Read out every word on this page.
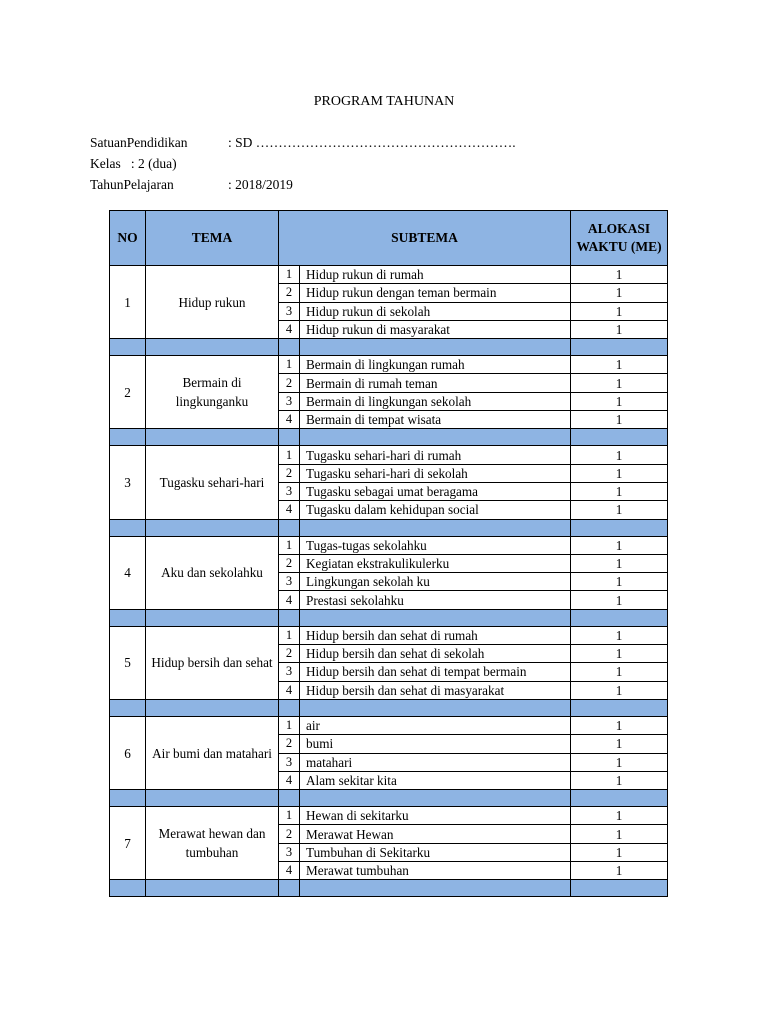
PROGRAM TAHUNAN
SatuanPendidikan	: SD ………………………………………………….
Kelas   : 2 (dua)
TahunPelajaran	: 2018/2019
NO	TEMA	SUBTEMA		ALOKASI WAKTU (ME)
1	Hidup rukun	1	Hidup rukun di rumah	1
		2	Hidup rukun dengan teman bermain	1
		3	Hidup rukun di sekolah	1
		4	Hidup rukun di masyarakat	1

2	Bermain di lingkunganku	1	Bermain di lingkungan rumah	1
		2	Bermain di rumah teman	1
		3	Bermain di lingkungan sekolah	1
		4	Bermain di tempat wisata	1

3	Tugasku sehari-hari	1	Tugasku sehari-hari di rumah	1
		2	Tugasku sehari-hari di sekolah	1
		3	Tugasku sebagai umat beragama	1
		4	Tugasku dalam kehidupan social	1

4	Aku dan sekolahku	1	Tugas-tugas sekolahku	1
		2	Kegiatan ekstrakulikulerku	1
		3	Lingkungan sekolah ku	1
		4	Prestasi sekolahku	1

5	Hidup bersih dan sehat	1	Hidup bersih dan sehat di rumah	1
		2	Hidup bersih dan sehat di sekolah	1
		3	Hidup bersih dan sehat di tempat bermain	1
		4	Hidup bersih dan sehat di masyarakat	1

6	Air bumi dan matahari	1	air	1
		2	bumi	1
		3	matahari	1
		4	Alam sekitar kita	1

7	Merawat hewan dan tumbuhan	1	Hewan di sekitarku	1
		2	Merawat Hewan	1
		3	Tumbuhan di Sekitarku	1
		4	Merawat tumbuhan	1
